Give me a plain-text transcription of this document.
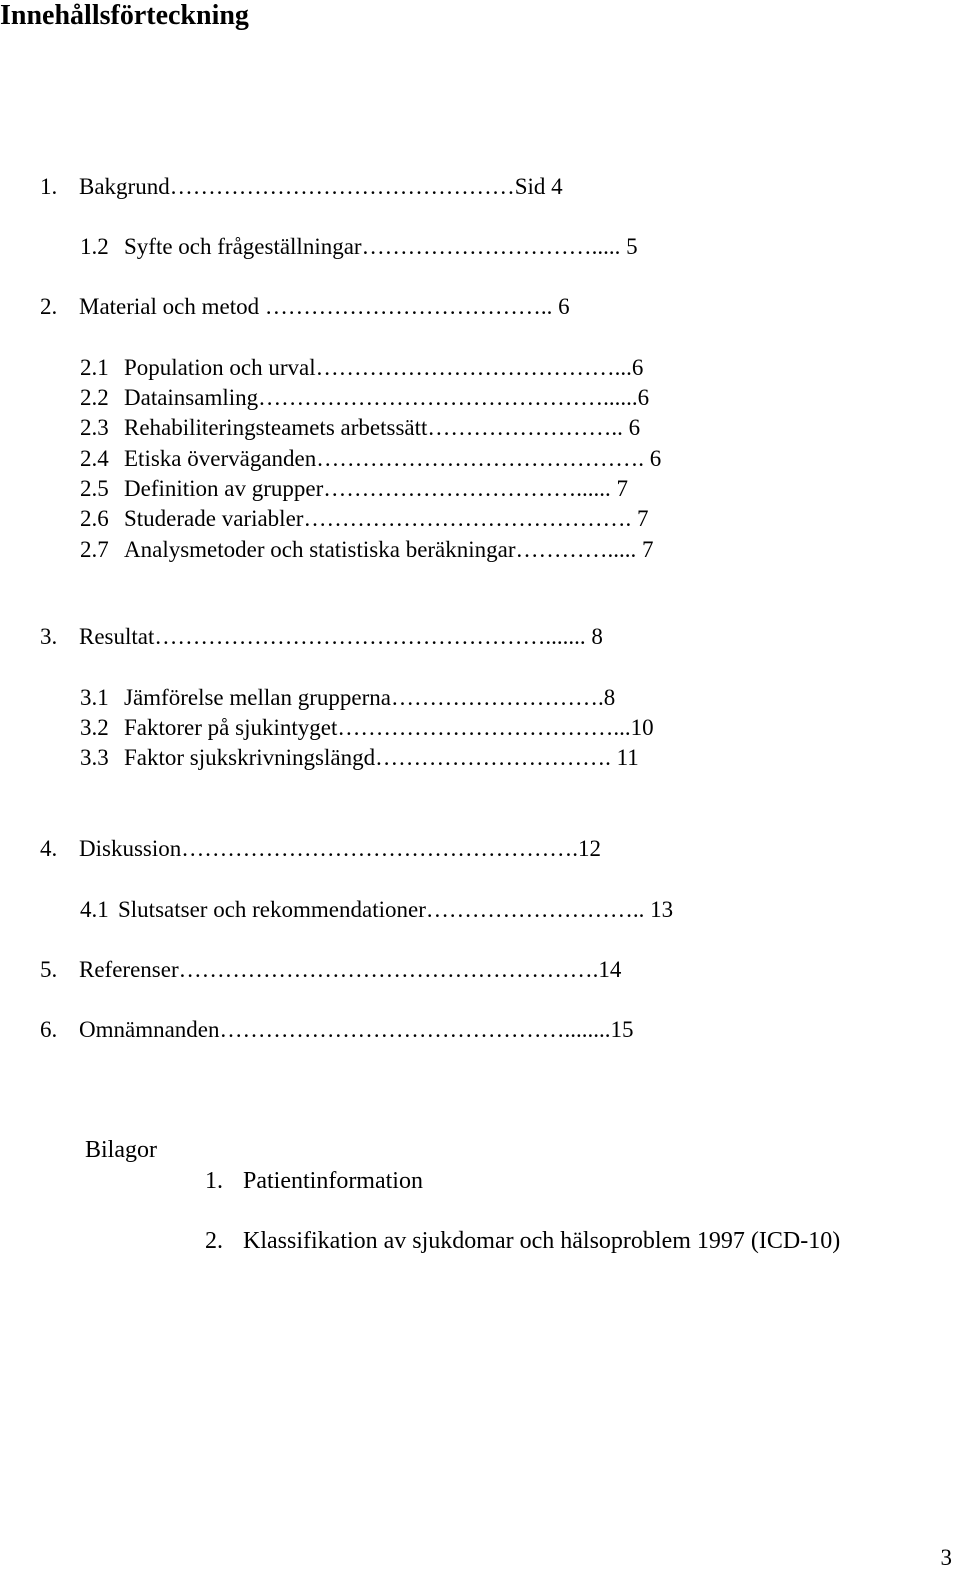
Innehållsförteckning
1. Bakgrund………………………………………Sid 4
1.2 Syfte och frågeställningar…………………………..... 5
2. Material och metod ……………………………….. 6
2.1 Population och urval…………………………………...6
2.2 Datainsamling………………………………………......6
2.3 Rehabiliteringsteamets arbetssätt…………………….. 6
2.4 Etiska överväganden……………………………………. 6
2.5 Definition av grupper……………………………...... 7
2.6 Studerade variabler……………………………………. 7
2.7 Analysmetoder och statistiska beräkningar…………..... 7
3. Resultat……………………………………………....... 8
3.1 Jämförelse mellan grupperna……………………….8
3.2 Faktorer på sjukintyget………………………………...10
3.3 Faktor sjukskrivningslängd…………………………. 11
4. Diskussion…………………………………………….12
4.1 Slutsatser och rekommendationer……………………….. 13
5. Referenser……………………………………………….14
6. Omnämnanden………………………………………........15
Bilagor
1. Patientinformation
2. Klassifikation av sjukdomar och hälsoproblem 1997 (ICD-10)
3
